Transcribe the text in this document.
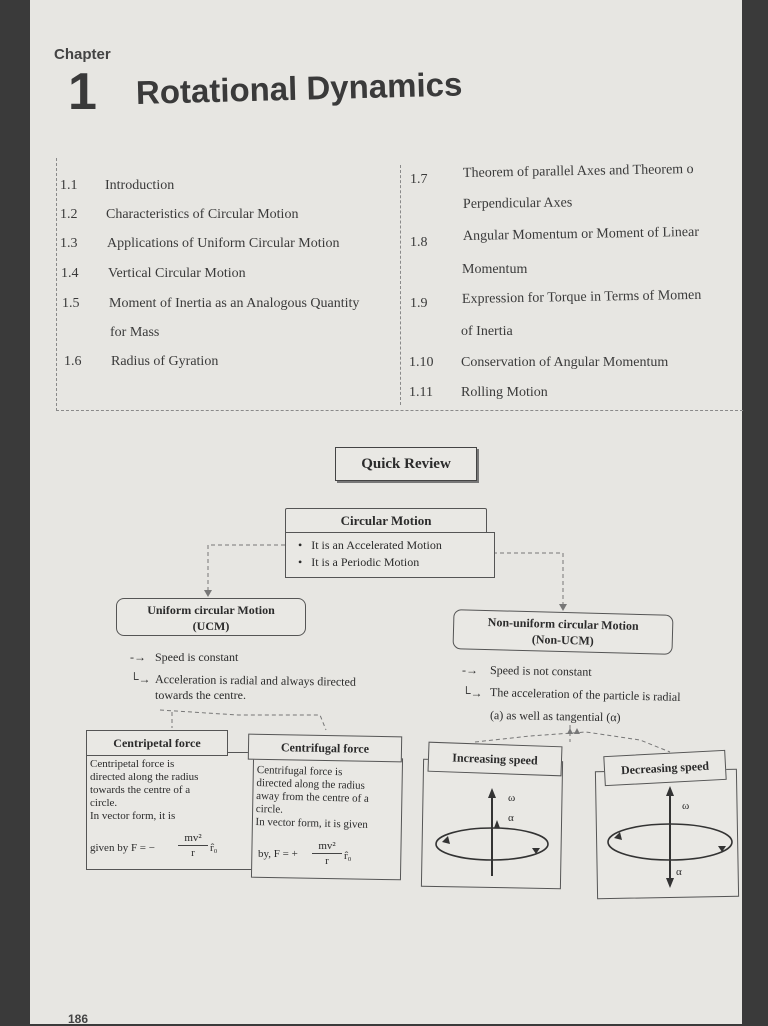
Chapter
1 Rotational Dynamics
1.1 Introduction
1.2 Characteristics of Circular Motion
1.3 Applications of Uniform Circular Motion
1.4 Vertical Circular Motion
1.5 Moment of Inertia as an Analogous Quantity
for Mass
1.6 Radius of Gyration
1.7	Theorem of parallel Axes and Theorem o
Perpendicular Axes
1.8	Angular Momentum or Moment of Linear
Momentum
1.9 Expression for Torque in Terms of Momen
of Inertia
1.10 Conservation of Angular Momentum
1.11 Rolling Motion
Quick Review
Circular Motion
• It is an Accelerated Motion
• It is a Periodic Motion
Uniform circular Motion
(UCM)
-→ Speed is constant
└→ Acceleration is radial and always directed
towards the centre.
Non-uniform circular Motion
(Non-UCM)
-→ Speed is not constant
└→ The acceleration of the particle is radial
(a) as well as tangential (α)
Centripetal force
Centripetal force is
directed along the radius
towards the centre of a
circle.
In vector form, it is
given by F = −
mv²
r	r̂₀
Centrifugal force
Centrifugal force is
directed along the radius
away from the centre of a
circle.
In vector form, it is given
by, F = +
mv²
r	r̂₀
Increasing speed
ω
α
Decreasing speed
ω
α
186
